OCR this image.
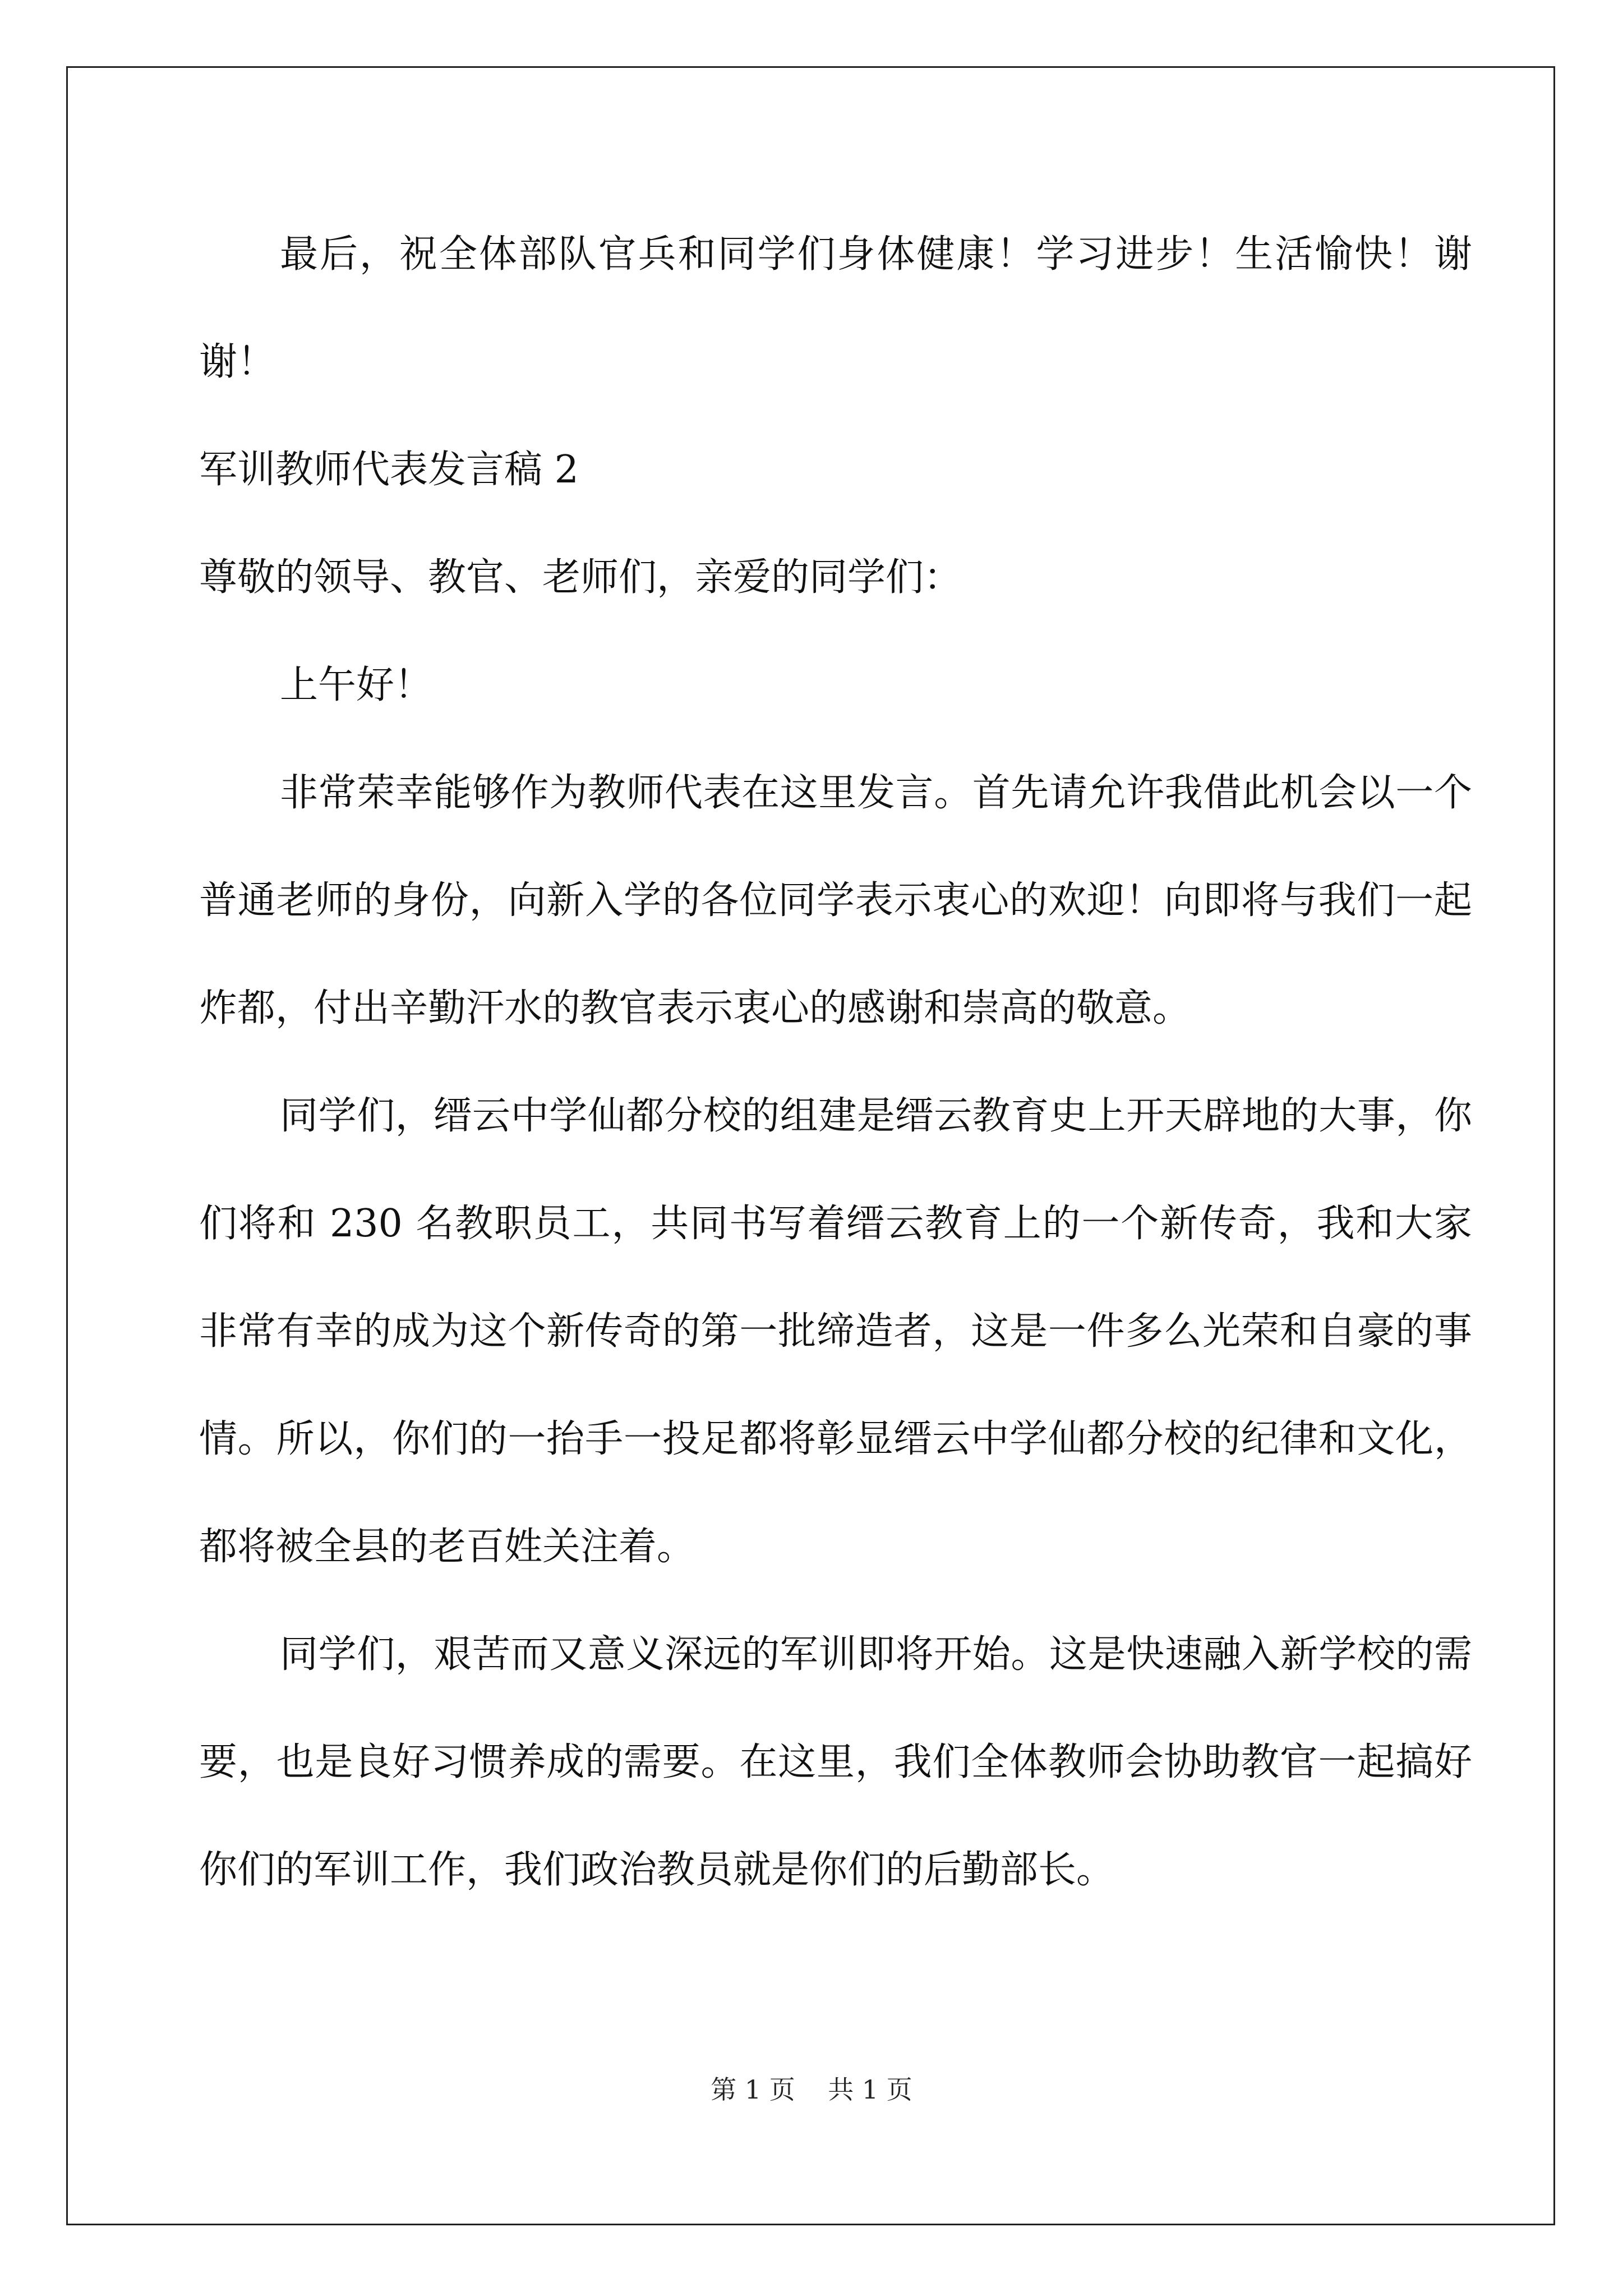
最后，祝全体部队官兵和同学们身体健康！学习进步！生活愉快！谢谢！

军训教师代表发言稿 2

尊敬的领导、教官、老师们，亲爱的同学们：

上午好！

非常荣幸能够作为教师代表在这里发言。首先请允许我借此机会以一个普通老师的身份，向新入学的各位同学表示衷心的欢迎！向即将与我们一起炸都，付出辛勤汗水的教官表示衷心的感谢和崇高的敬意。

同学们，缙云中学仙都分校的组建是缙云教育史上开天辟地的大事，你们将和 230 名教职员工，共同书写着缙云教育上的一个新传奇，我和大家非常有幸的成为这个新传奇的第一批缔造者，这是一件多么光荣和自豪的事情。所以，你们的一抬手一投足都将彰显缙云中学仙都分校的纪律和文化，都将被全县的老百姓关注着。

同学们，艰苦而又意义深远的军训即将开始。这是快速融入新学校的需要，也是良好习惯养成的需要。在这里，我们全体教师会协助教官一起搞好你们的军训工作，我们政治教员就是你们的后勤部长。

第 1 页 共 1 页
